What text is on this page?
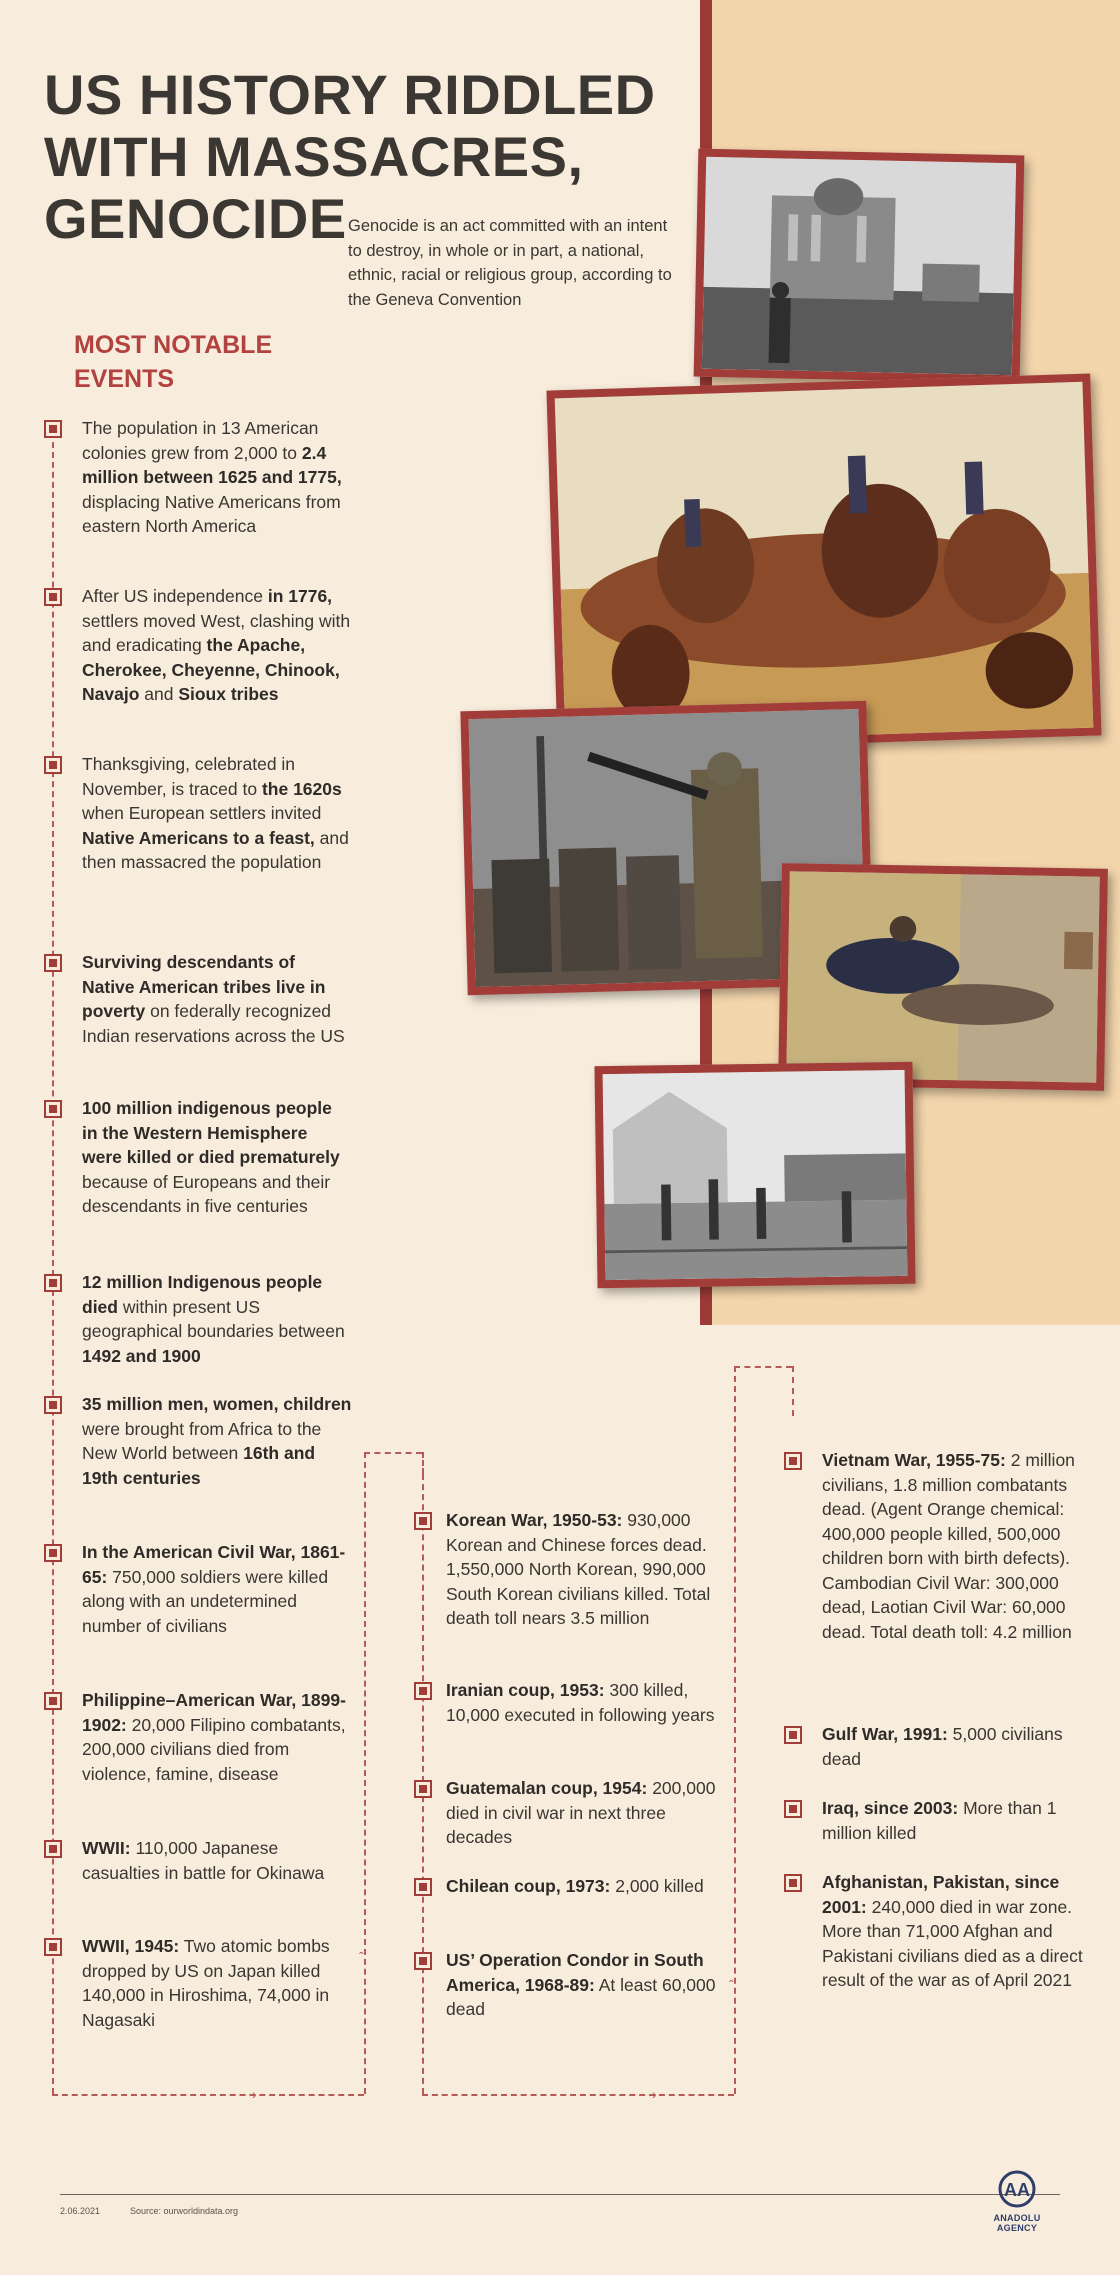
US HISTORY RIDDLED
WITH MASSACRES,
GENOCIDE Genocide is an act committed with an intent to destroy, in whole or in part, a national, ethnic, racial or religious group, according to the Geneva Convention

MOST NOTABLE
EVENTS
›
ˆ
›
ˆ

The population in 13 American colonies grew from 2,000 to 2.4 million between 1625 and 1775, displacing Native Americans from eastern North America

After US independence in 1776, settlers moved West, clashing with and eradicating the Apache, Cherokee, Cheyenne, Chinook, Navajo and Sioux tribes

Thanksgiving, celebrated in November, is traced to the 1620s when European settlers invited Native Americans to a feast, and then massacred the population

Surviving descendants of Native American tribes live in poverty on federally recognized Indian reservations across the US

100 million indigenous people in the Western Hemisphere were killed or died prematurely because of Europeans and their descendants in five centuries

12 million Indigenous people died within present US geographical boundaries between 1492 and 1900

35 million men, women, children were brought from Africa to the New World between 16th and 19th centuries

In the American Civil War, 1861-65: 750,000 soldiers were killed along with an undetermined number of civilians

Philippine–American War, 1899-1902: 20,000 Filipino combatants, 200,000 civilians died from violence, famine, disease

WWII: 110,000 Japanese casualties in battle for Okinawa

WWII, 1945: Two atomic bombs dropped by US on Japan killed 140,000 in Hiroshima, 74,000 in Nagasaki

Korean War, 1950-53: 930,000 Korean and Chinese forces dead. 1,550,000 North Korean, 990,000 South Korean civilians killed. Total death toll nears 3.5 million

Iranian coup, 1953: 300 killed, 10,000 executed in following years

Guatemalan coup, 1954: 200,000 died in civil war in next three decades

Chilean coup, 1973: 2,000 killed

US’ Operation Condor in South America, 1968-89: At least 60,000 dead

Vietnam War, 1955-75: 2 million civilians, 1.8 million combatants dead. (Agent Orange chemical: 400,000 people killed, 500,000 children born with birth defects). Cambodian Civil War: 300,000 dead, Laotian Civil War: 60,000 dead. Total death toll: 4.2 million

Gulf War, 1991: 5,000 civilians dead

Iraq, since 2003: More than 1 million killed

Afghanistan, Pakistan, since 2001: 240,000 died in war zone. More than 71,000 Afghan and Pakistani civilians died as a direct result of the war as of April 2021

2.06.2021	Source: ourworldindata.org
AA
ANADOLU AGENCY
